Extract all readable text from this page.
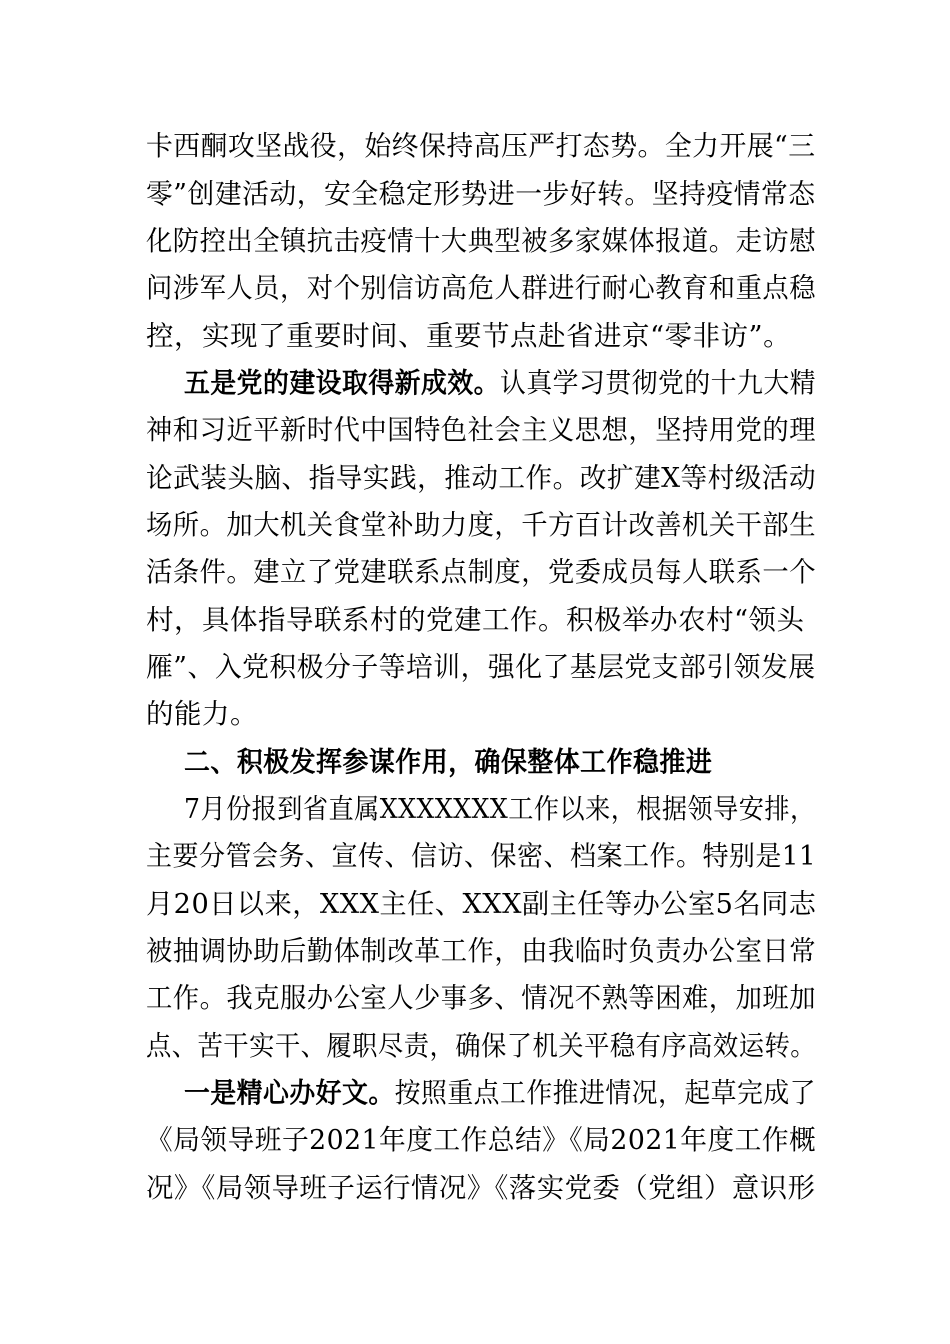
卡西酮攻坚战役，始终保持高压严打态势。全力开展“三
零”创建活动，安全稳定形势进一步好转。坚持疫情常态
化防控出全镇抗击疫情十大典型被多家媒体报道。走访慰
问涉军人员，对个别信访高危人群进行耐心教育和重点稳
控，实现了重要时间、重要节点赴省进京“零非访”。
五是党的建设取得新成效。认真学习贯彻党的十九大精
神和习近平新时代中国特色社会主义思想，坚持用党的理
论武装头脑、指导实践，推动工作。改扩建X等村级活动
场所。加大机关食堂补助力度，千方百计改善机关干部生
活条件。建立了党建联系点制度，党委成员每人联系一个
村，具体指导联系村的党建工作。积极举办农村“领头
雁”、入党积极分子等培训，强化了基层党支部引领发展
的能力。
二、积极发挥参谋作用，确保整体工作稳推进
7月份报到省直属XXXXXXX工作以来，根据领导安排，
主要分管会务、宣传、信访、保密、档案工作。特别是11
月20日以来，XXX主任、XXX副主任等办公室5名同志
被抽调协助后勤体制改革工作，由我临时负责办公室日常
工作。我克服办公室人少事多、情况不熟等困难，加班加
点、苦干实干、履职尽责，确保了机关平稳有序高效运转。
一是精心办好文。按照重点工作推进情况，起草完成了
《局领导班子2021年度工作总结》《局2021年度工作概
况》《局领导班子运行情况》《落实党委（党组）意识形
